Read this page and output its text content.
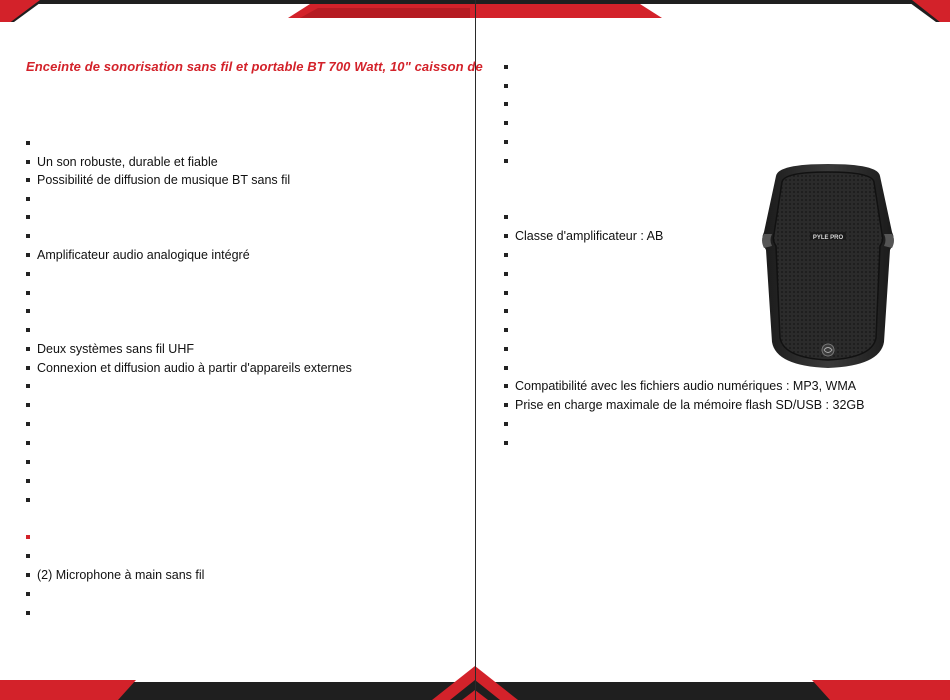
Enceinte de sonorisation sans fil et portable BT 700 Watt, 10" caisson de
Un son robuste, durable et fiable
Possibilité de diffusion de musique BT sans fil
Amplificateur audio analogique intégré
Deux systèmes sans fil UHF
Connexion et diffusion audio à partir d'appareils externes
(2) Microphone à main sans fil
Classe d'amplificateur : AB
Compatibilité avec les fichiers audio numériques : MP3, WMA
Prise en charge maximale de la mémoire flash SD/USB : 32GB
PYLE PRO
